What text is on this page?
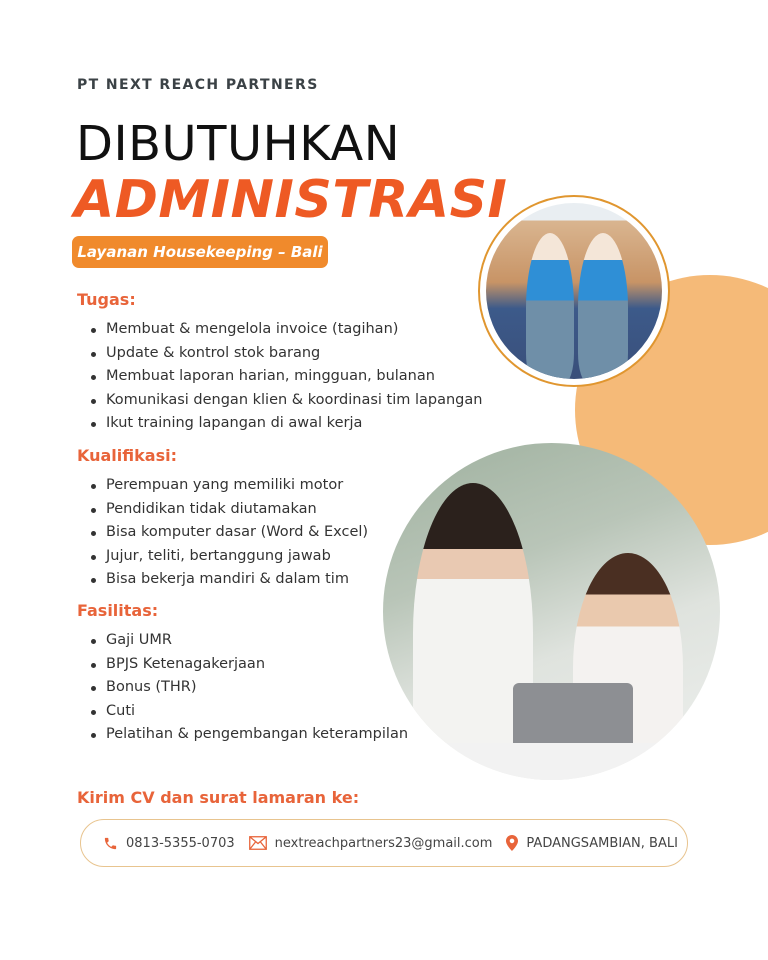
PT NEXT REACH PARTNERS
DIBUTUHKAN
ADMINISTRASI
Layanan Housekeeping – Bali
Tugas:
Membuat & mengelola invoice (tagihan)
Update & kontrol stok barang
Membuat laporan harian, mingguan, bulanan
Komunikasi dengan klien & koordinasi tim lapangan
Ikut training lapangan di awal kerja
Kualifikasi:
Perempuan yang memiliki motor
Pendidikan tidak diutamakan
Bisa komputer dasar (Word & Excel)
Jujur, teliti, bertanggung jawab
Bisa bekerja mandiri & dalam tim
Fasilitas:
Gaji UMR
BPJS Ketenagakerjaan
Bonus (THR)
Cuti
Pelatihan & pengembangan keterampilan
Kirim CV dan surat lamaran ke:
0813-5355-0703	nextreachpartners23@gmail.com	PADANGSAMBIAN, BALI
